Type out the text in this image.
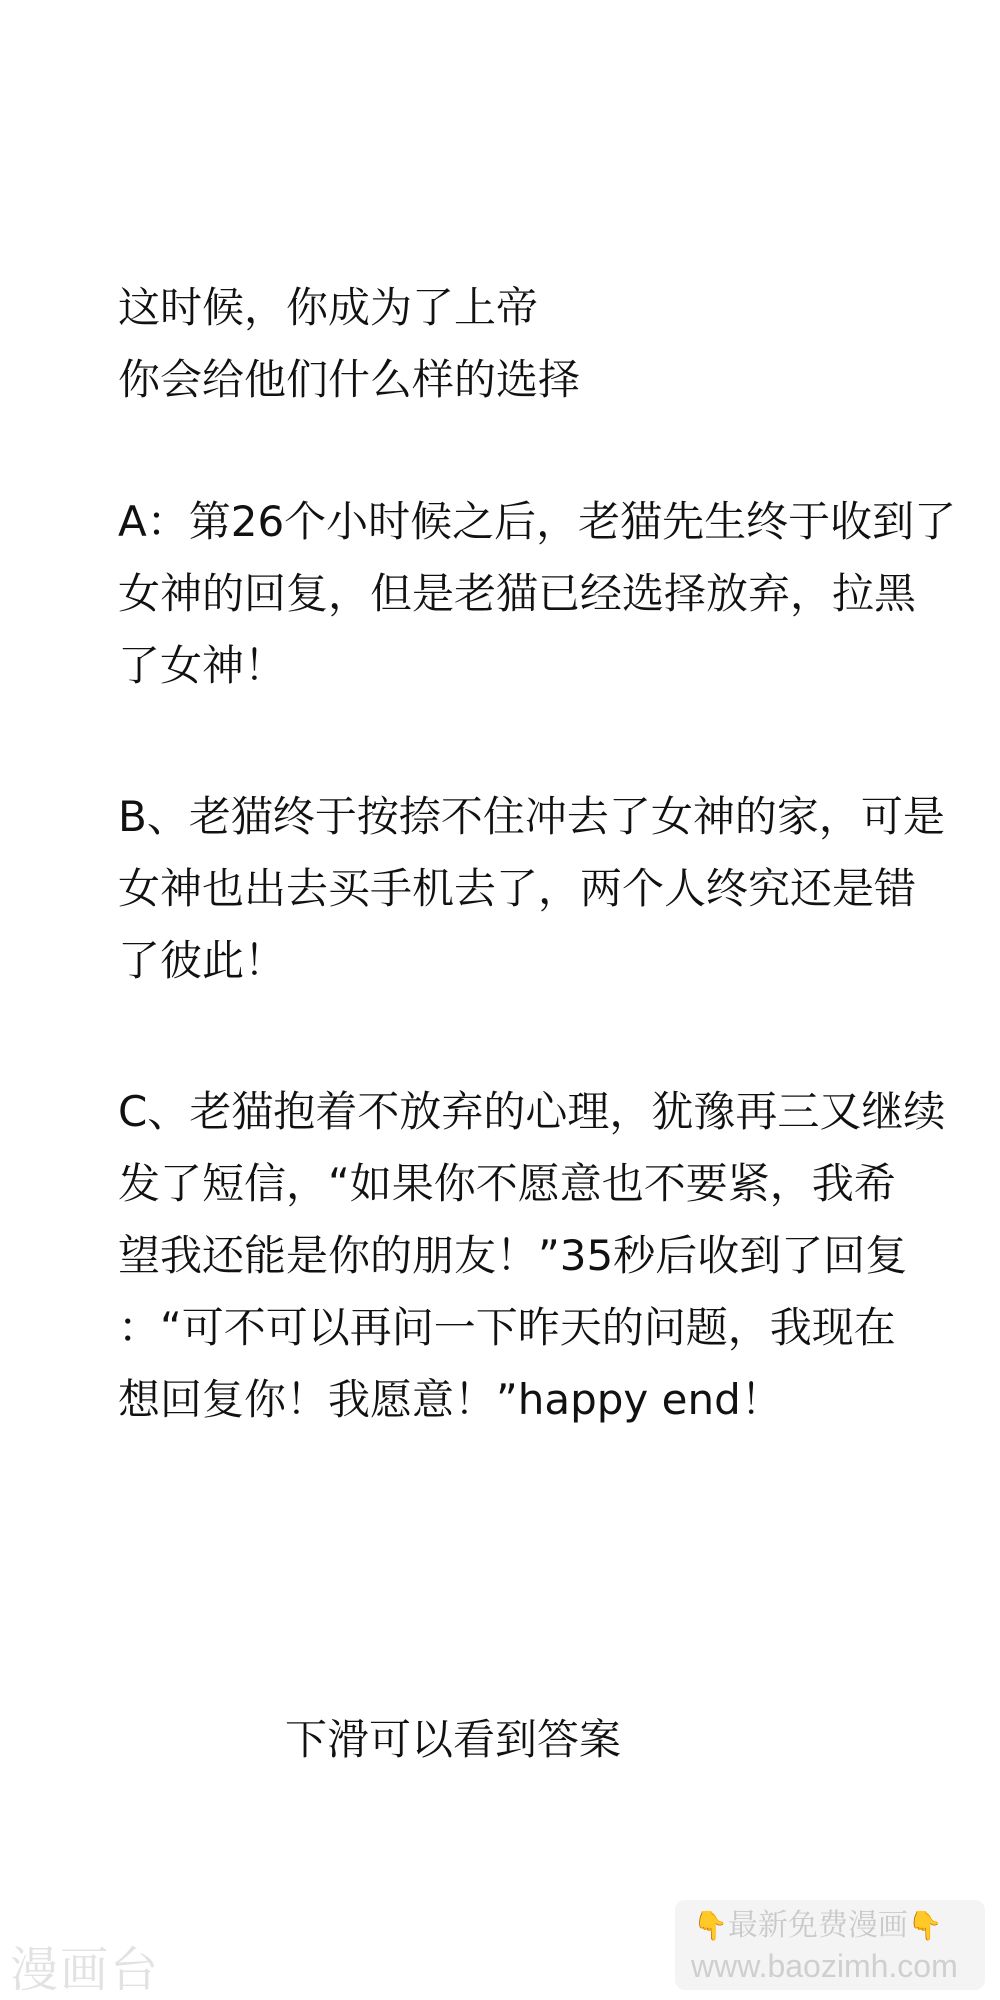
这时候，你成为了上帝
你会给他们什么样的选择
A：第26个小时候之后，老猫先生终于收到了
女神的回复，但是老猫已经选择放弃，拉黑
了女神！
B、老猫终于按捺不住冲去了女神的家，可是
女神也出去买手机去了，两个人终究还是错
了彼此！
C、老猫抱着不放弃的心理，犹豫再三又继续
发了短信，“如果你不愿意也不要紧，我希
望我还能是你的朋友！”35秒后收到了回复
：“可不可以再问一下昨天的问题，我现在
想回复你！我愿意！”happy end！
下滑可以看到答案
👇最新免费漫画👇
www.baozimh.com
漫画台
